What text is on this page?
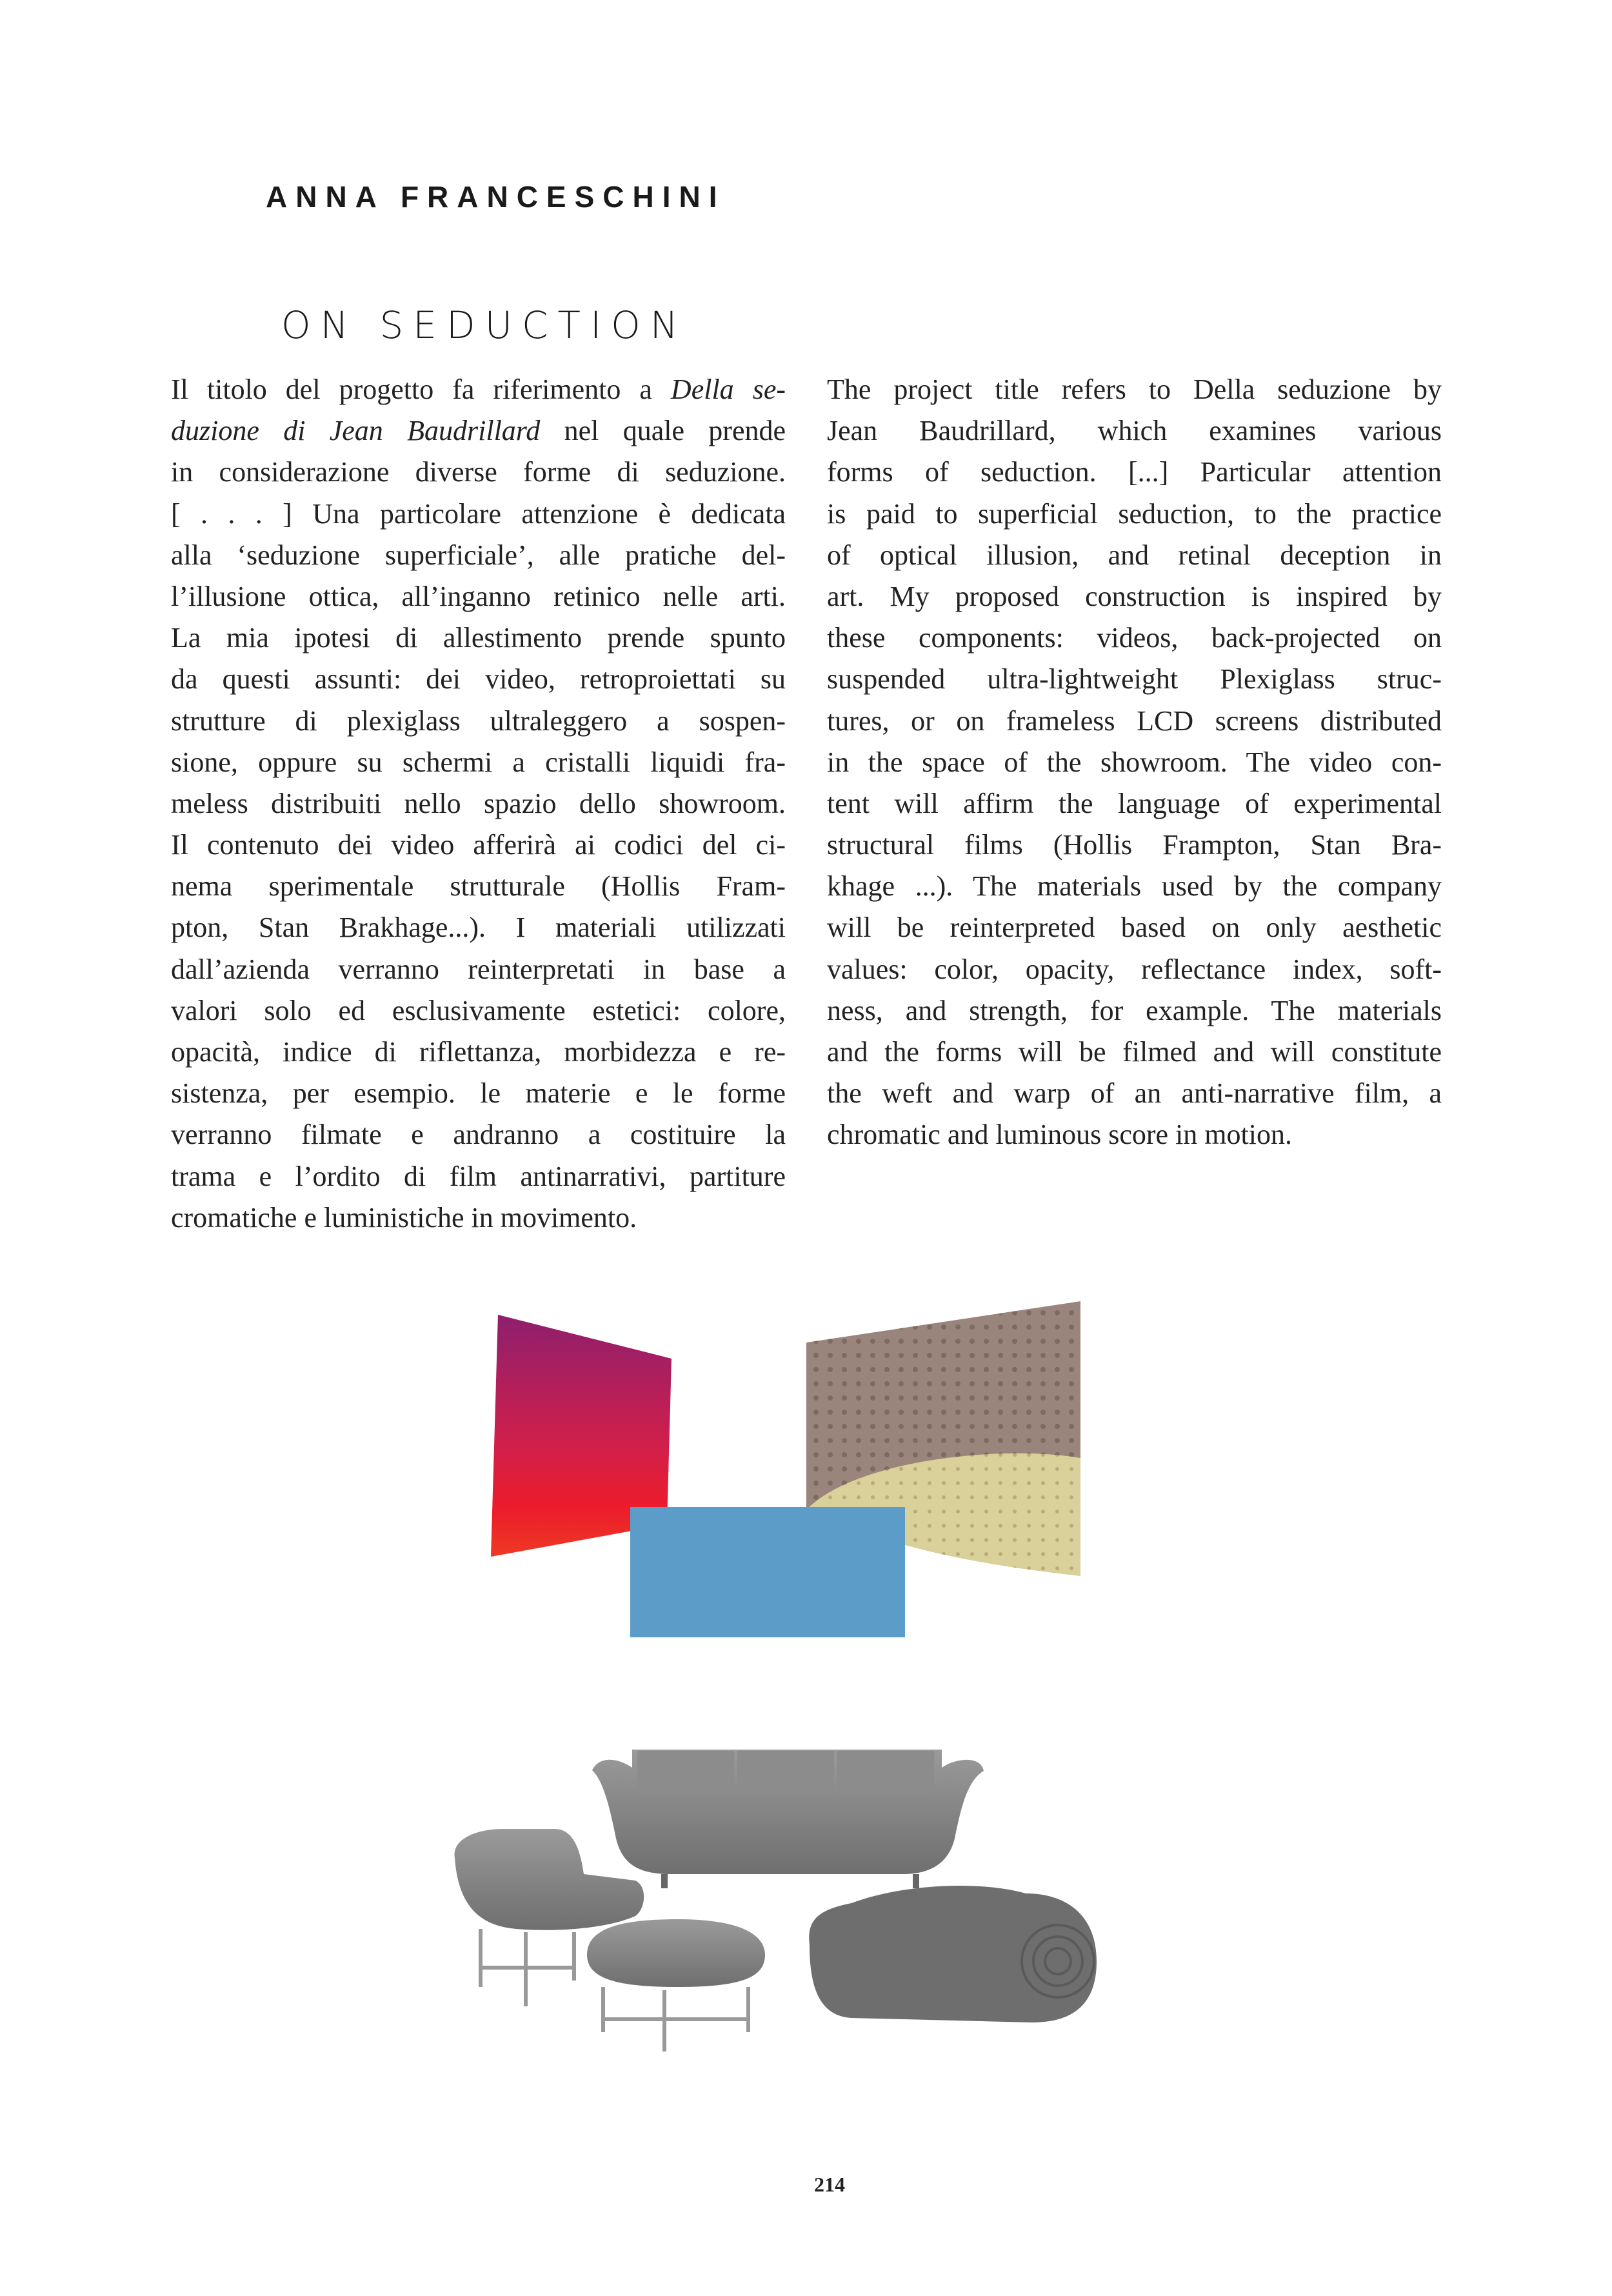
ANNA FRANCESCHINI
ON SEDUCTION
Il titolo del progetto fa riferimento a Della se-
duzione di Jean Baudrillard nel quale prende
in considerazione diverse forme di seduzione.
[ . . . ] Una particolare attenzione è dedicata
alla ‘seduzione superficiale’, alle pratiche del-
l’illusione ottica, all’inganno retinico nelle arti.
La mia ipotesi di allestimento prende spunto
da questi assunti: dei video, retroproiettati su
strutture di plexiglass ultraleggero a sospen-
sione, oppure su schermi a cristalli liquidi fra-
meless distribuiti nello spazio dello showroom.
Il contenuto dei video afferirà ai codici del ci-
nema sperimentale strutturale (Hollis Fram-
pton, Stan Brakhage...). I materiali utilizzati
dall’azienda verranno reinterpretati in base a
valori solo ed esclusivamente estetici: colore,
opacità, indice di riflettanza, morbidezza e re-
sistenza, per esempio. le materie e le forme
verranno filmate e andranno a costituire la
trama e l’ordito di film antinarrativi, partiture
cromatiche e luministiche in movimento.
The project title refers to Della seduzione by
Jean Baudrillard, which examines various
forms of seduction. [...] Particular attention
is paid to superficial seduction, to the practice
of optical illusion, and retinal deception in
art. My proposed construction is inspired by
these components: videos, back-projected on
suspended ultra-lightweight Plexiglass struc-
tures, or on frameless LCD screens distributed
in the space of the showroom. The video con-
tent will affirm the language of experimental
structural films (Hollis Frampton, Stan Bra-
khage ...). The materials used by the company
will be reinterpreted based on only aesthetic
values: color, opacity, reflectance index, soft-
ness, and strength, for example. The materials
and the forms will be filmed and will constitute
the weft and warp of an anti-narrative film, a
chromatic and luminous score in motion.
214
